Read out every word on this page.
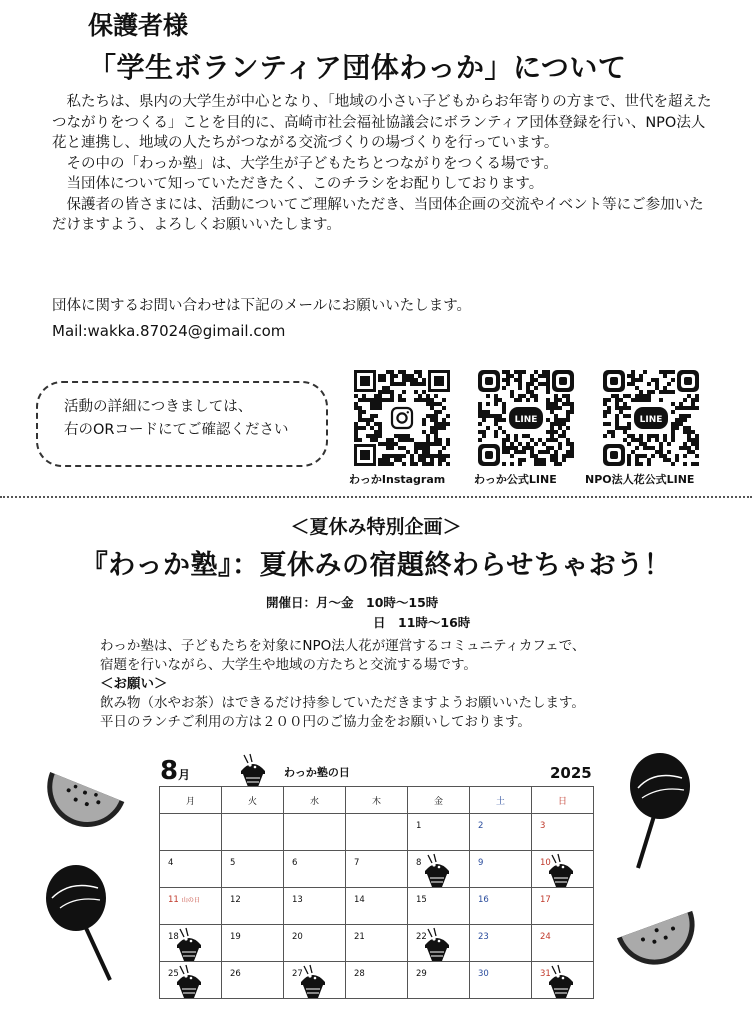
保護者様
「学生ボランティア団体わっか」について

　私たちは、県内の大学生が中心となり、「地域の小さい子どもからお年寄りの方まで、世代を超えたつながりをつくる」ことを目的に、高崎市社会福祉協議会にボランティア団体登録を行い、NPO法人花と連携し、地域の人たちがつながる交流づくりの場づくりを行っています。

　その中の「わっか塾」は、大学生が子どもたちとつながりをつくる場です。

　当団体について知っていただきたく、このチラシをお配りしております。

　保護者の皆さまには、活動についてご理解いただき、当団体企画の交流やイベント等にご参加いただけますよう、よろしくお願いいたします。

団体に関するお問い合わせは下記のメールにお願いいたします。
Mail:wakka.87024@gimail.com

活動の詳細につきましては、

右のORコードにてご確認ください

わっかInstagram
LINE
わっか公式LINE
LINE
NPO法人花公式LINE
＜夏休み特別企画＞
『わっか塾』：夏休みの宿題終わらせちゃおう！
開催日：月～金　10時～15時
日　11時～16時

わっか塾は、子どもたちを対象にNPO法人花が運営するコミュニティカフェで、

宿題を行いながら、大学生や地域の方たちと交流する場です。

＜お願い＞

飲み物（水やお茶）はできるだけ持参していただきますようお願いいたします。

平日のランチご利用の方は２００円のご協力金をお願いしております。

8月	わっか塾の日	2025
月	火	水	木	金	土	日

				1	2	3

4	5	6	7	8	9	10

11 山の日	12	13	14	15	16	17

18	19	20	21	22	23	24

25	26	27	28	29	30	31
